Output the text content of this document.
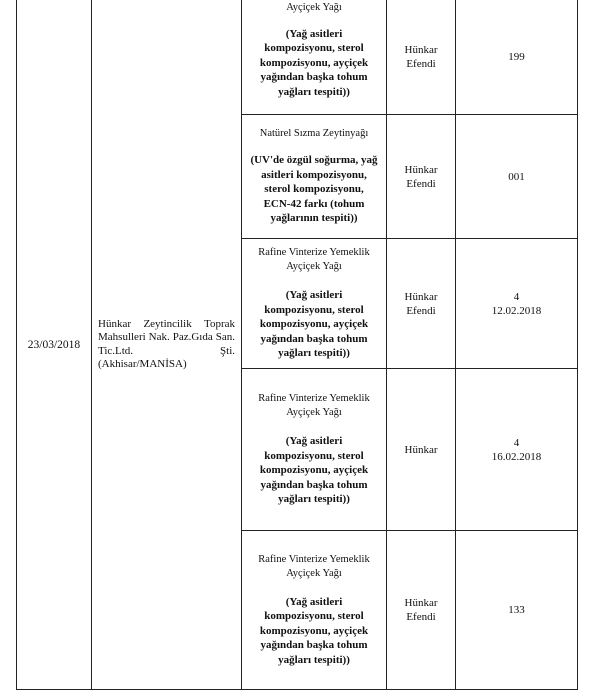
23/03/2018
Hünkar Zeytincilik Toprak Mahsulleri Nak. Paz.Gıda San. Tic.Ltd. Şti. (Akhisar/MANİSA)
Ayçiçek Yağı
(Yağ asitleri kompozisyonu, sterol kompozisyonu, ayçiçek yağından başka tohum yağları tespiti))
Hünkar Efendi
199
Natürel Sızma Zeytinyağı
(UV'de özgül soğurma, yağ asitleri kompozisyonu, sterol kompozisyonu, ECN-42 farkı (tohum yağlarının tespiti))
Hünkar Efendi
001
Rafine Vinterize Yemeklik Ayçiçek Yağı
(Yağ asitleri kompozisyonu, sterol kompozisyonu, ayçiçek yağından başka tohum yağları tespiti))
Hünkar Efendi
4
12.02.2018
Rafine Vinterize Yemeklik Ayçiçek Yağı
(Yağ asitleri kompozisyonu, sterol kompozisyonu, ayçiçek yağından başka tohum yağları tespiti))
Hünkar
4
16.02.2018
Rafine Vinterize Yemeklik Ayçiçek Yağı
(Yağ asitleri kompozisyonu, sterol kompozisyonu, ayçiçek yağından başka tohum yağları tespiti))
Hünkar Efendi
133
